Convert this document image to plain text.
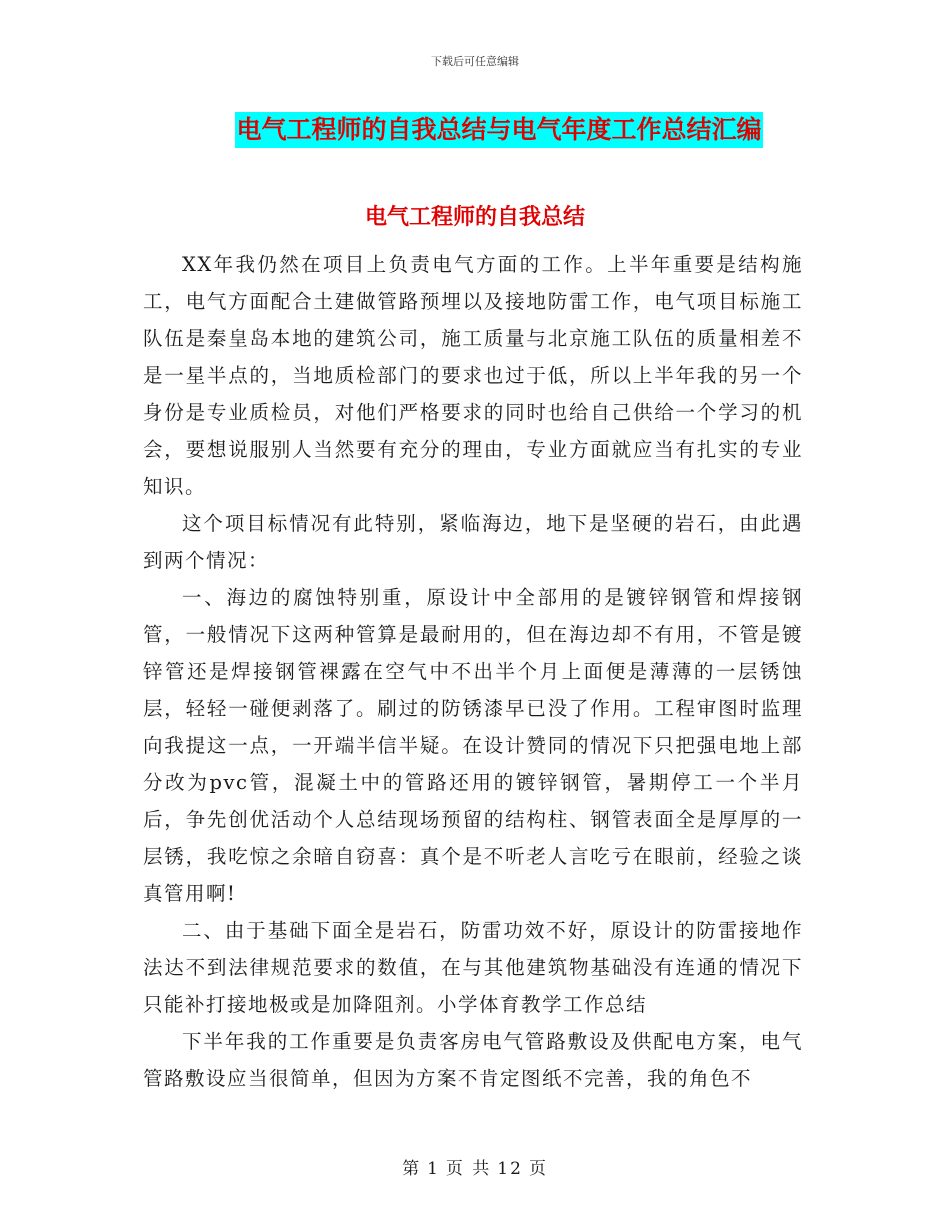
下载后可任意编辑
电气工程师的自我总结与电气年度工作总结汇编
电气工程师的自我总结

XX年我仍然在项目上负责电气方面的工作。上半年重要是结构施工，电气方面配合土建做管路预埋以及接地防雷工作，电气项目标施工队伍是秦皇岛本地的建筑公司，施工质量与北京施工队伍的质量相差不是一星半点的，当地质检部门的要求也过于低，所以上半年我的另一个身份是专业质检员，对他们严格要求的同时也给自己供给一个学习的机会，要想说服别人当然要有充分的理由，专业方面就应当有扎实的专业知识。

这个项目标情况有此特别，紧临海边，地下是坚硬的岩石，由此遇到两个情况：

一、海边的腐蚀特别重，原设计中全部用的是镀锌钢管和焊接钢管，一般情况下这两种管算是最耐用的，但在海边却不有用，不管是镀锌管还是焊接钢管裸露在空气中不出半个月上面便是薄薄的一层锈蚀层，轻轻一碰便剥落了。刷过的防锈漆早已没了作用。工程审图时监理向我提这一点，一开端半信半疑。在设计赞同的情况下只把强电地上部分改为pvc管，混凝土中的管路还用的镀锌钢管，暑期停工一个半月后，争先创优活动个人总结现场预留的结构柱、钢管表面全是厚厚的一层锈，我吃惊之余暗自窃喜：真个是不听老人言吃亏在眼前，经验之谈真管用啊!

二、由于基础下面全是岩石，防雷功效不好，原设计的防雷接地作法达不到法律规范要求的数值，在与其他建筑物基础没有连通的情况下只能补打接地极或是加降阻剂。小学体育教学工作总结

下半年我的工作重要是负责客房电气管路敷设及供配电方案，电气管路敷设应当很简单，但因为方案不肯定图纸不完善，我的角色不

第 1 页 共 12 页
